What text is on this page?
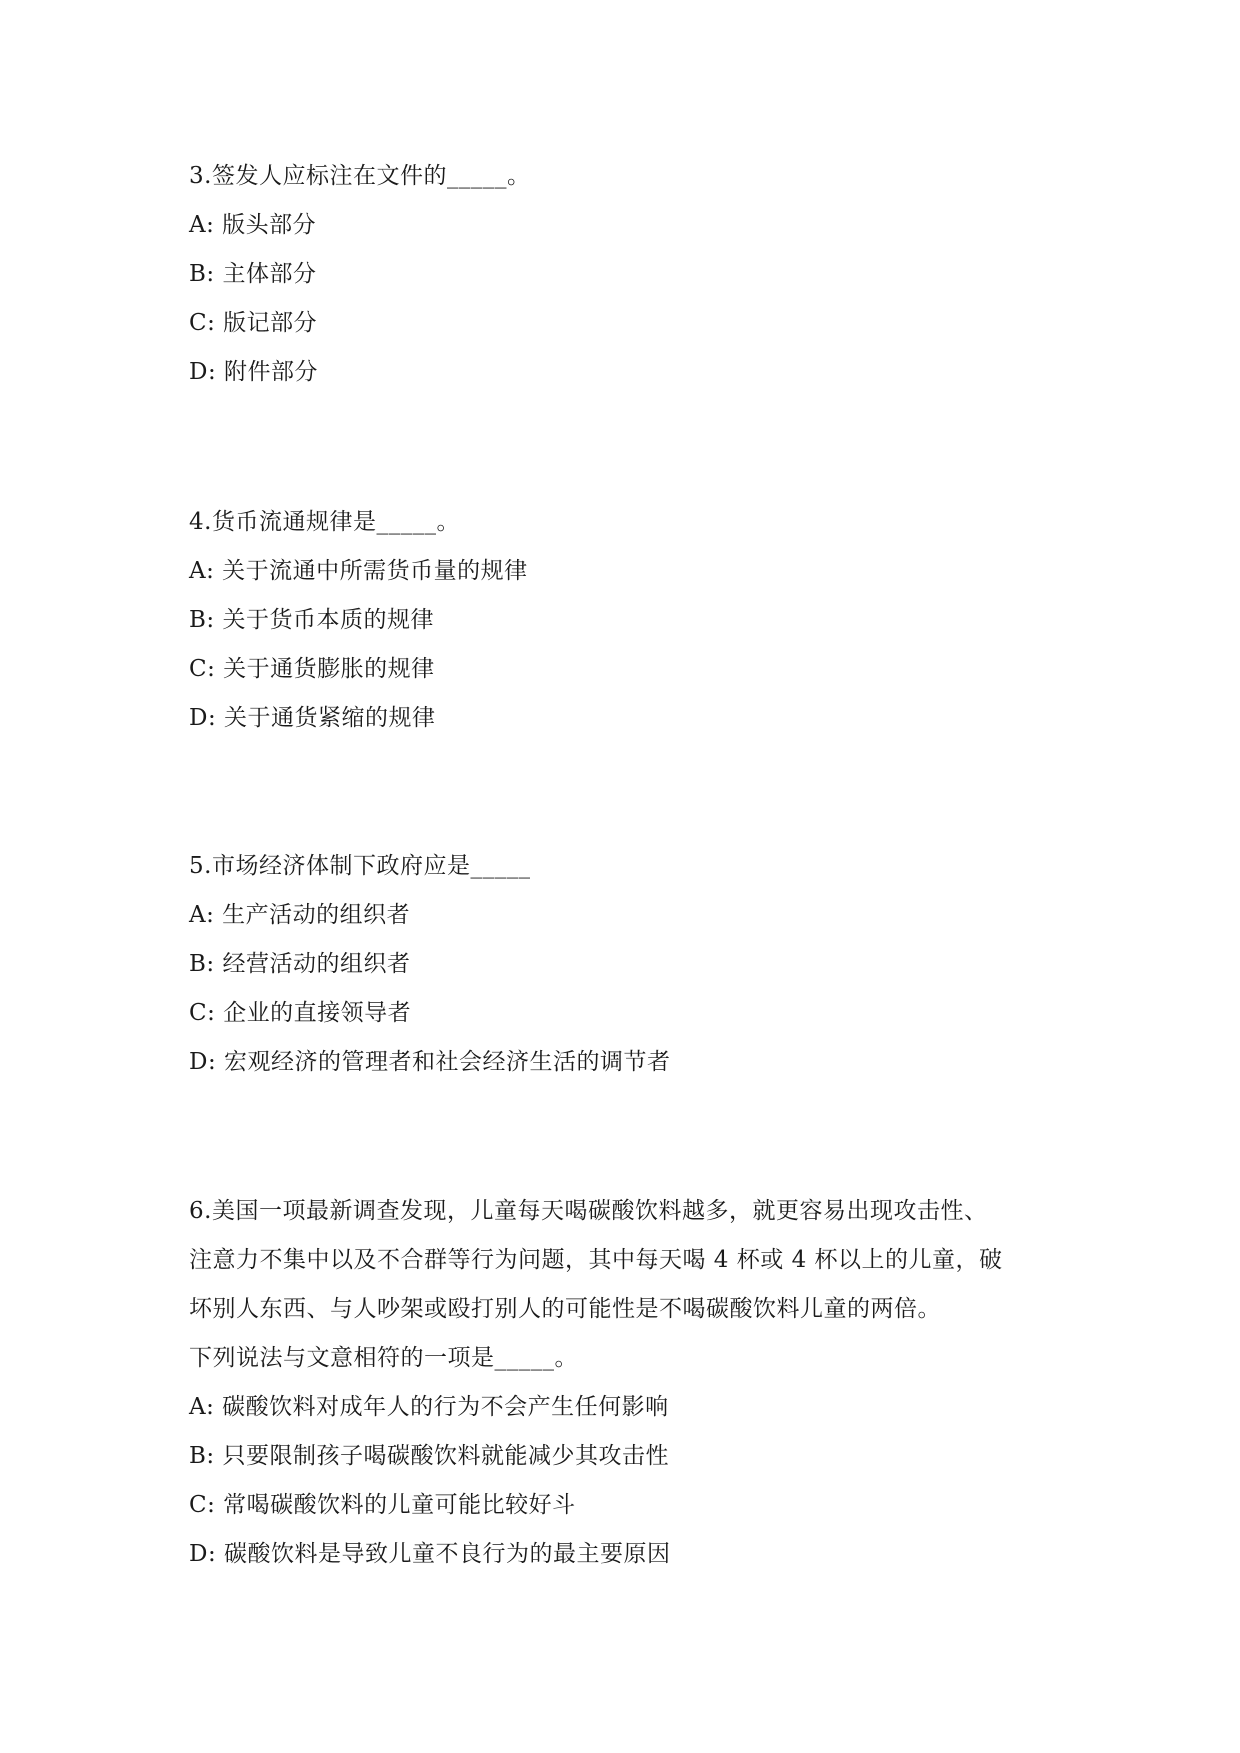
3.签发人应标注在文件的_____。
A: 版头部分
B: 主体部分
C: 版记部分
D: 附件部分
4.货币流通规律是_____。
A: 关于流通中所需货币量的规律
B: 关于货币本质的规律
C: 关于通货膨胀的规律
D: 关于通货紧缩的规律
5.市场经济体制下政府应是_____
A: 生产活动的组织者
B: 经营活动的组织者
C: 企业的直接领导者
D: 宏观经济的管理者和社会经济生活的调节者
6.美国一项最新调查发现，儿童每天喝碳酸饮料越多，就更容易出现攻击性、
注意力不集中以及不合群等行为问题，其中每天喝 4 杯或 4 杯以上的儿童，破
坏别人东西、与人吵架或殴打别人的可能性是不喝碳酸饮料儿童的两倍。
下列说法与文意相符的一项是_____。
A: 碳酸饮料对成年人的行为不会产生任何影响
B: 只要限制孩子喝碳酸饮料就能减少其攻击性
C: 常喝碳酸饮料的儿童可能比较好斗
D: 碳酸饮料是导致儿童不良行为的最主要原因
